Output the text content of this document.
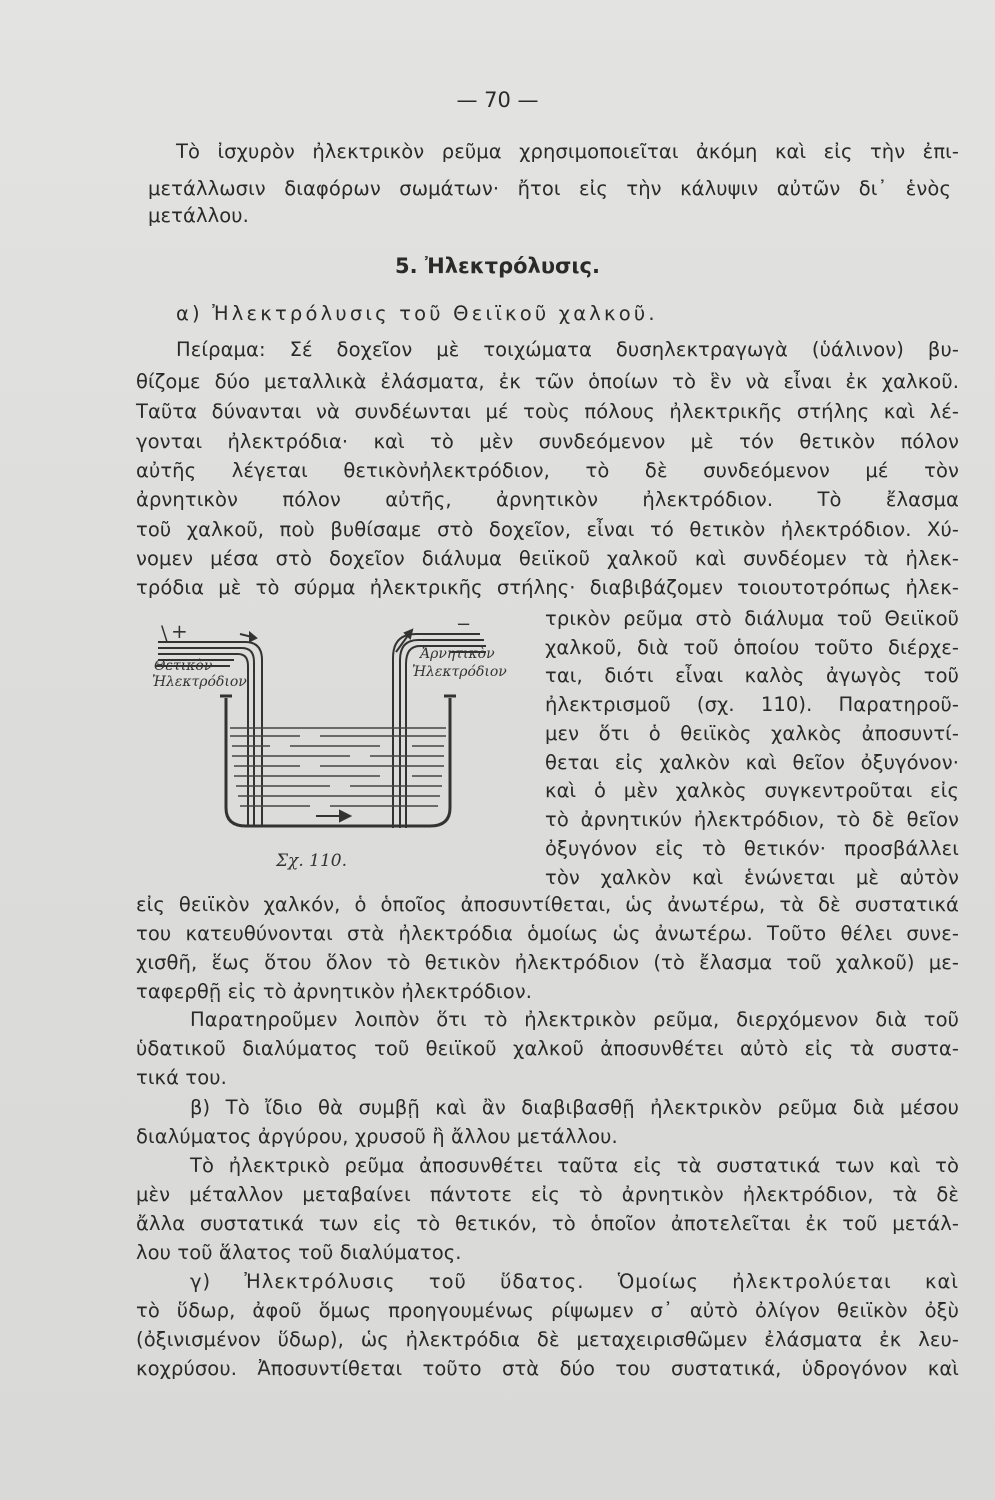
— 70 —
Τὸ ἰσχυρὸν ἠλεκτρικὸν ρεῦμα χρησιμοποιεῖται ἀκόμη καὶ εἰς τὴν ἐπι-
μετάλλωσιν διαφόρων σωμάτων· ἤτοι εἰς τὴν κάλυψιν αὐτῶν δι᾿ ἑνὸς
μετάλλου.
5. Ἠλεκτρόλυσις.
α) Ἠλεκτρόλυσις τοῦ Θειϊκοῦ χαλκοῦ.
Πείραμα: Σέ δοχεῖον μὲ τοιχώματα δυσηλεκτραγωγὰ (ὑάλινον) βυ-
θίζομε δύο μεταλλικὰ ἐλάσματα, ἐκ τῶν ὁποίων τὸ ἓν νὰ εἶναι ἐκ χαλκοῦ.
Ταῦτα δύνανται νὰ συνδέωνται μέ τοὺς πόλους ἠλεκτρικῆς στήλης καὶ λέ-
γονται ἠλεκτρόδια· καὶ τὸ μὲν συνδεόμενον μὲ τόν θετικὸν πόλον
αὐτῆς λέγεται θετικὸνἠλεκτρόδιον, τὸ δὲ συνδεόμενον μέ τὸν
ἀρνητικὸν πόλον αὐτῆς, ἀρνητικὸν ἠλεκτρόδιον. Τὸ ἔλασμα
τοῦ χαλκοῦ, ποὺ βυθίσαμε στὸ δοχεῖον, εἶναι τό θετικὸν ἠλεκτρόδιον. Χύ-
νομεν μέσα στὸ δοχεῖον διάλυμα θειϊκοῦ χαλκοῦ καὶ συνδέομεν τὰ ἠλεκ-
τρόδια μὲ τὸ σύρμα ἠλεκτρικῆς στήλης· διαβιβάζομεν τοιουτοτρόπως ἠλεκ-
τρικὸν ρεῦμα στὸ διάλυμα τοῦ Θειϊκοῦ
χαλκοῦ, διὰ τοῦ ὁποίου τοῦτο διέρχε-
ται, διότι εἶναι καλὸς ἀγωγὸς τοῦ
ἠλεκτρισμοῦ (σχ. 110). Παρατηροῦ-
μεν ὅτι ὁ θειϊκὸς χαλκὸς ἀποσυντί-
θεται εἰς χαλκὸν καὶ θεῖον ὀξυγόνον·
καὶ ὁ μὲν χαλκὸς συγκεντροῦται εἰς
τὸ ἀρνητικύν ἠλεκτρόδιον, τὸ δὲ θεῖον
ὀξυγόνον εἰς τὸ θετικόν· προσβάλλει
τὸν χαλκὸν καὶ ἑνώνεται μὲ αὐτὸν
+
\
Θετικὸν
Ἠλεκτρόδιον
−
Ἀρνητικὸν
Ἠλεκτρόδιον
Σχ. 110.
εἰς θειϊκὸν χαλκόν, ὁ ὁποῖος ἀποσυντίθεται, ὡς ἀνωτέρω, τὰ δὲ συστατικά
του κατευθύνονται στὰ ἠλεκτρόδια ὁμοίως ὡς ἀνωτέρω. Τοῦτο θέλει συνε-
χισθῆ, ἕως ὅτου ὅλον τὸ θετικὸν ἠλεκτρόδιον (τὸ ἔλασμα τοῦ χαλκοῦ) με-
ταφερθῇ εἰς τὸ ἀρνητικὸν ἠλεκτρόδιον.
Παρατηροῦμεν λοιπὸν ὅτι τὸ ἠλεκτρικὸν ρεῦμα, διερχόμενον διὰ τοῦ
ὑδατικοῦ διαλύματος τοῦ θειϊκοῦ χαλκοῦ ἀποσυνθέτει αὐτὸ εἰς τὰ συστα-
τικά του.
β) Τὸ ἴδιο θὰ συμβῇ καὶ ἂν διαβιβασθῇ ἠλεκτρικὸν ρεῦμα διὰ μέσου
διαλύματος ἀργύρου, χρυσοῦ ἢ ἄλλου μετάλλου.
Τὸ ἠλεκτρικὸ ρεῦμα ἀποσυνθέτει ταῦτα εἰς τὰ συστατικά των καὶ τὸ
μὲν μέταλλον μεταβαίνει πάντοτε εἰς τὸ ἀρνητικὸν ἠλεκτρόδιον, τὰ δὲ
ἄλλα συστατικά των εἰς τὸ θετικόν, τὸ ὁποῖον ἀποτελεῖται ἐκ τοῦ μετάλ-
λου τοῦ ἅλατος τοῦ διαλύματος.
γ) Ἠλεκτρόλυσις τοῦ ὕδατος. Ὁμοίως ἠλεκτρολύεται καὶ
τὸ ὕδωρ, ἀφοῦ ὅμως προηγουμένως ρίψωμεν σ᾿ αὐτὸ ὀλίγον θειϊκὸν ὀξὺ
(ὀξινισμένον ὕδωρ), ὡς ἠλεκτρόδια δὲ μεταχειρισθῶμεν ἐλάσματα ἐκ λευ-
κοχρύσου. Ἀποσυντίθεται τοῦτο στὰ δύο του συστατικά, ὑδρογόνον καὶ
